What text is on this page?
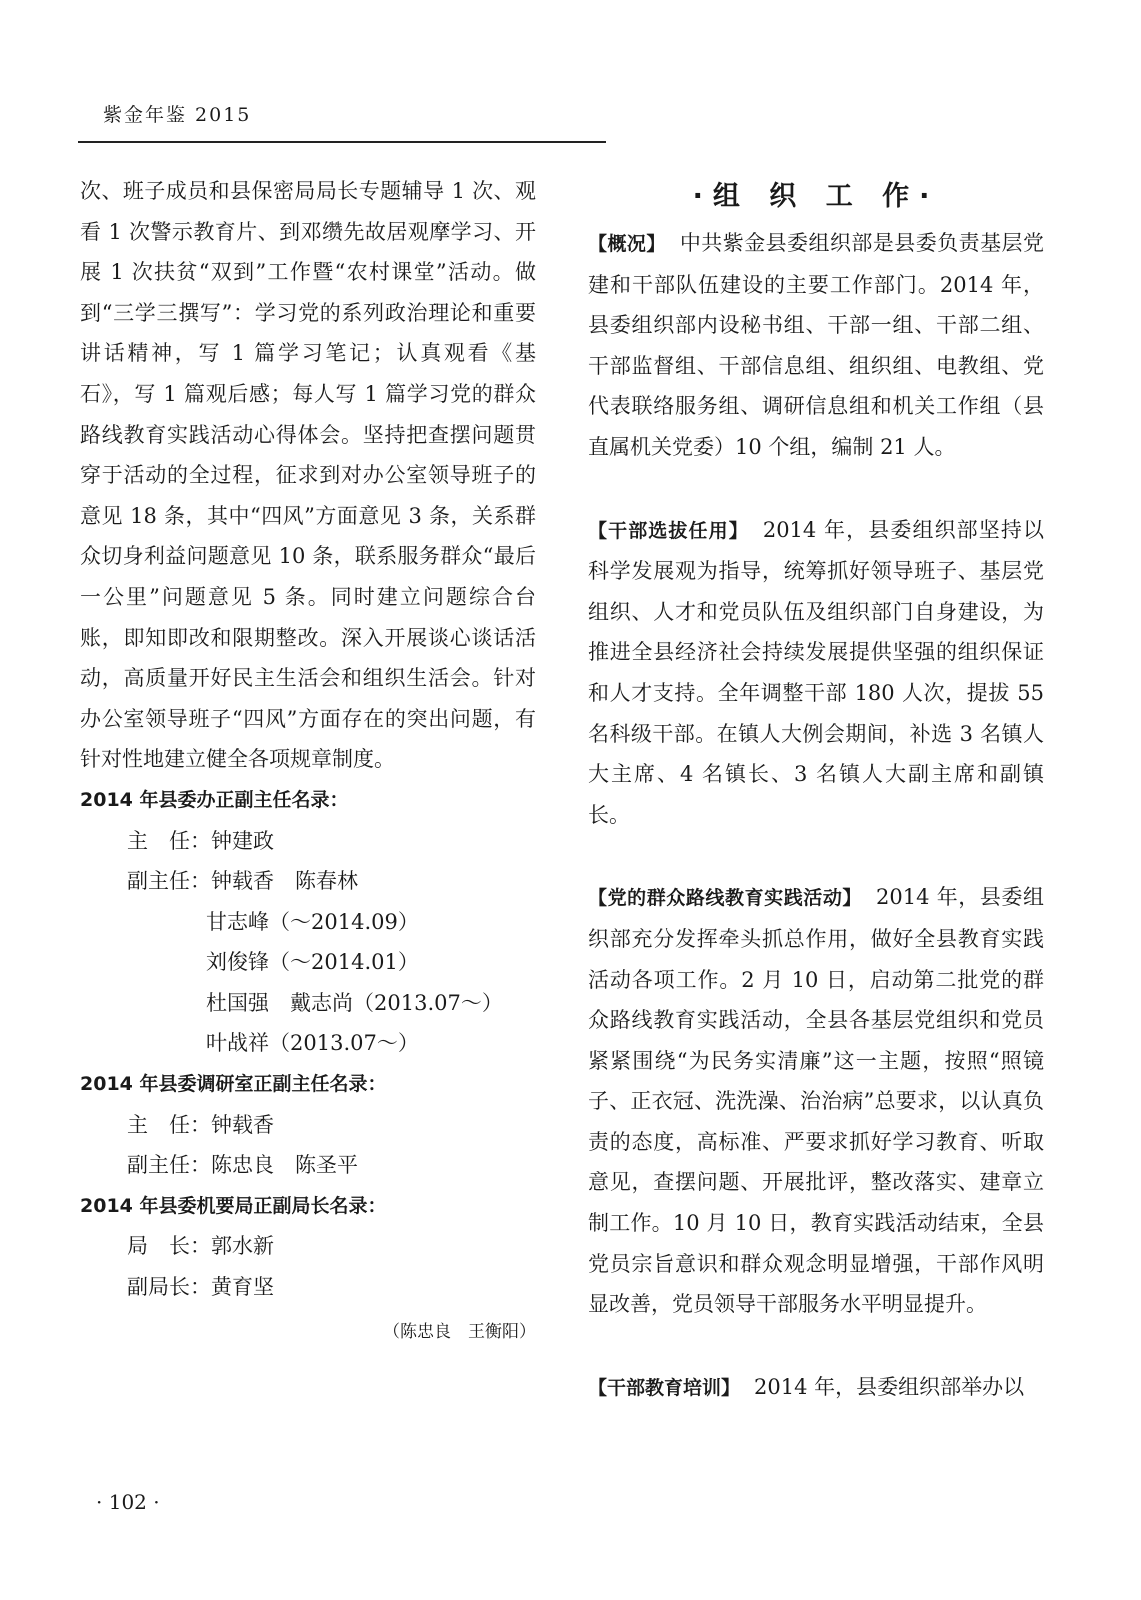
紫金年鉴 2015

次、班子成员和县保密局局长专题辅导 1 次、观看 1 次警示教育片、到邓缵先故居观摩学习、开展 1 次扶贫“双到”工作暨“农村课堂”活动。做到“三学三撰写”：学习党的系列政治理论和重要讲话精神，写 1 篇学习笔记；认真观看《基石》，写 1 篇观后感；每人写 1 篇学习党的群众路线教育实践活动心得体会。坚持把查摆问题贯穿于活动的全过程，征求到对办公室领导班子的意见 18 条，其中“四风”方面意见 3 条，关系群众切身利益问题意见 10 条，联系服务群众“最后一公里”问题意见 5 条。同时建立问题综合台账，即知即改和限期整改。深入开展谈心谈话活动，高质量开好民主生活会和组织生活会。针对办公室领导班子“四风”方面存在的突出问题，有针对性地建立健全各项规章制度。

2014 年县委办正副主任名录：
主　任：钟建政
副主任：钟载香　陈春林
甘志峰（～2014.09）
刘俊锋（～2014.01）
杜国强　戴志尚（2013.07～）
叶战祥（2013.07～）
2014 年县委调研室正副主任名录：
主　任：钟载香
副主任：陈忠良　陈圣平
2014 年县委机要局正副局长名录：
局　长：郭水新
副局长：黄育坚
（陈忠良　王衡阳）
·组 织 工 作·
【概况】 中共紫金县委组织部是县委负责基层党建和干部队伍建设的主要工作部门。2014 年，县委组织部内设秘书组、干部一组、干部二组、干部监督组、干部信息组、组织组、电教组、党代表联络服务组、调研信息组和机关工作组（县直属机关党委）10 个组，编制 21 人。
【干部选拔任用】 2014 年，县委组织部坚持以科学发展观为指导，统筹抓好领导班子、基层党组织、人才和党员队伍及组织部门自身建设，为推进全县经济社会持续发展提供坚强的组织保证和人才支持。全年调整干部 180 人次，提拔 55 名科级干部。在镇人大例会期间，补选 3 名镇人大主席、4 名镇长、3 名镇人大副主席和副镇长。
【党的群众路线教育实践活动】 2014 年，县委组织部充分发挥牵头抓总作用，做好全县教育实践活动各项工作。2 月 10 日，启动第二批党的群众路线教育实践活动，全县各基层党组织和党员紧紧围绕“为民务实清廉”这一主题，按照“照镜子、正衣冠、洗洗澡、治治病”总要求，以认真负责的态度，高标准、严要求抓好学习教育、听取意见，查摆问题、开展批评，整改落实、建章立制工作。10 月 10 日，教育实践活动结束，全县党员宗旨意识和群众观念明显增强，干部作风明显改善，党员领导干部服务水平明显提升。
【干部教育培训】 2014 年，县委组织部举办以
· 102 ·
